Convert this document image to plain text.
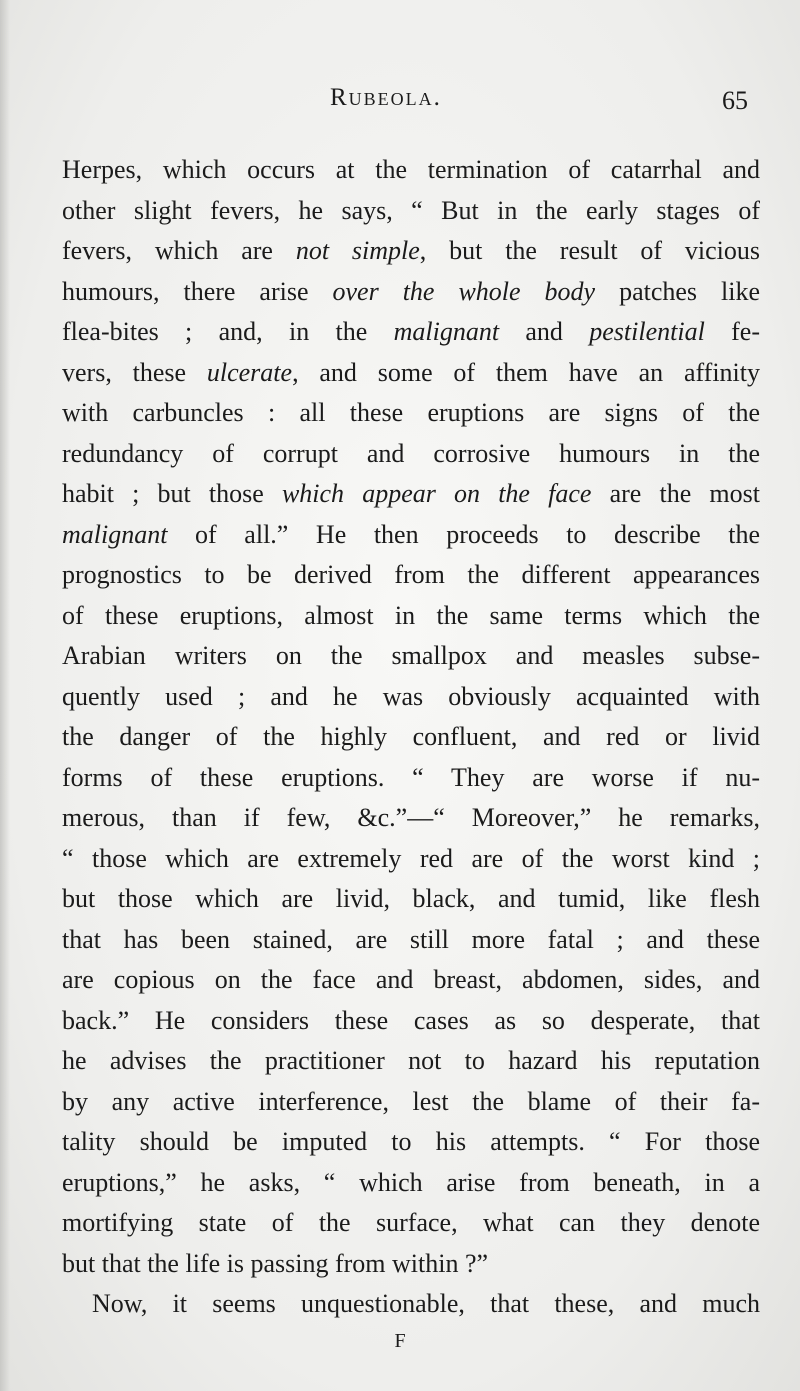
Rubeola.	65
Herpes, which occurs at the termination of catarrhal and
other slight fevers, he says, “ But in the early stages of
fevers, which are not simple, but the result of vicious
humours, there arise over the whole body patches like
flea-bites ; and, in the malignant and pestilential fe-
vers, these ulcerate, and some of them have an affinity
with carbuncles : all these eruptions are signs of the
redundancy of corrupt and corrosive humours in the
habit ; but those which appear on the face are the most
malignant of all.” He then proceeds to describe the
prognostics to be derived from the different appearances
of these eruptions, almost in the same terms which the
Arabian writers on the smallpox and measles subse-
quently used ; and he was obviously acquainted with
the danger of the highly confluent, and red or livid
forms of these eruptions. “ They are worse if nu-
merous, than if few, &c.”—“ Moreover,” he remarks,
“ those which are extremely red are of the worst kind ;
but those which are livid, black, and tumid, like flesh
that has been stained, are still more fatal ; and these
are copious on the face and breast, abdomen, sides, and
back.” He considers these cases as so desperate, that
he advises the practitioner not to hazard his reputation
by any active interference, lest the blame of their fa-
tality should be imputed to his attempts. “ For those
eruptions,” he asks, “ which arise from beneath, in a
mortifying state of the surface, what can they denote
but that the life is passing from within ?”
Now, it seems unquestionable, that these, and much
F
